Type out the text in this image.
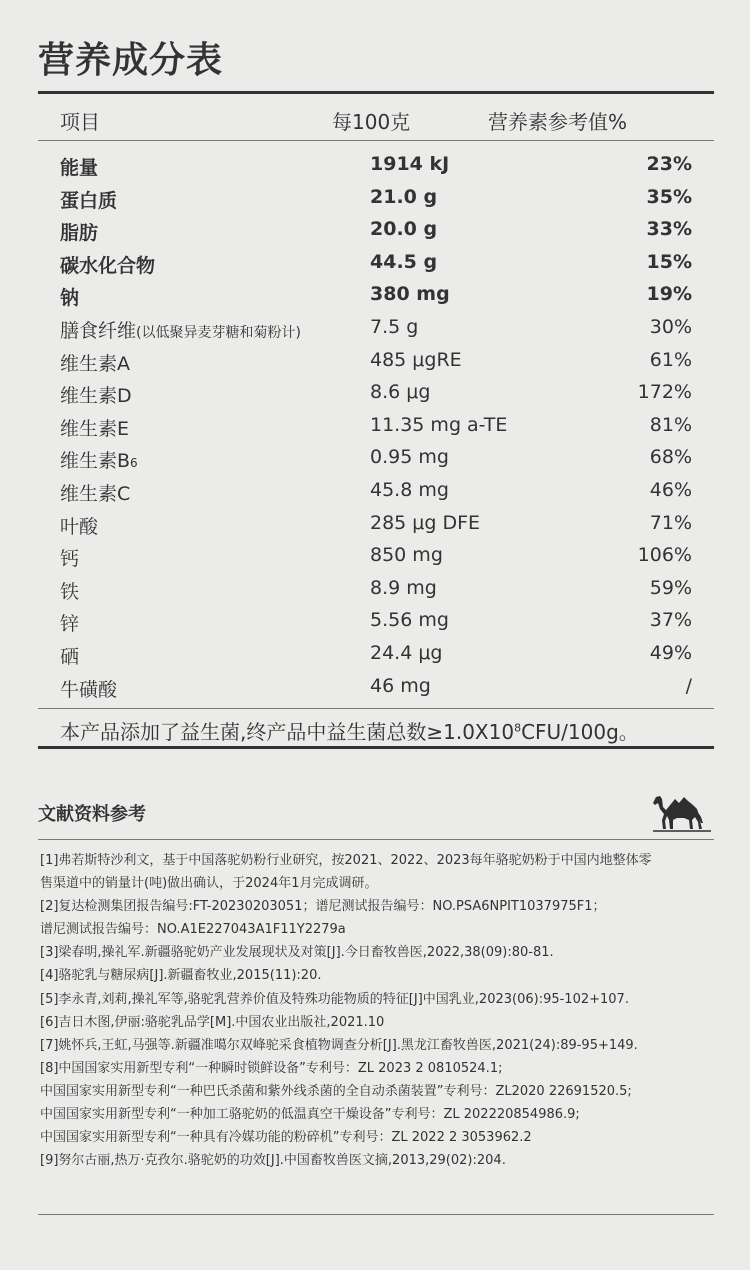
营养成分表
项目	每100克	营养素参考值%
能量	1914 kJ	23%
蛋白质	21.0 g	35%
脂肪	20.0 g	33%
碳水化合物	44.5 g	15%
钠	380 mg	19%
膳食纤维(以低聚异麦芽糖和菊粉计)	7.5 g	30%
维生素A	485 μgRE	61%
维生素D	8.6 μg	172%
维生素E	11.35 mg a-TE	81%
维生素B6	0.95 mg	68%
维生素C	45.8 mg	46%
叶酸	285 μg DFE	71%
钙	850 mg	106%
铁	8.9 mg	59%
锌	5.56 mg	37%
硒	24.4 μg	49%
牛磺酸	46 mg	/
本产品添加了益生菌,终产品中益生菌总数$\ge 1.0X10^8CFU/100g$。
文献资料参考
[1]弗若斯特沙利文，基于中国落驼奶粉行业研究，按2021、2022、2023每年骆驼奶粉于中国内地整体零
售渠道中的销量计(吨)做出确认，于2024年1月完成调研。
[2]复达检测集团报告编号:FT-20230203051；谱尼测试报告编号：NO.PSA6NPIT1037975F1；
谱尼测试报告编号：NO.A1E227043A1F11Y2279a
[3]梁春明,操礼军.新疆骆驼奶产业发展现状及对策[J].今日畜牧兽医,2022,38(09):80-81.
[4]骆驼乳与糖尿病[J].新疆畜牧业,2015(11):20.
[5]李永青,刘莉,操礼军等,骆驼乳营养价值及特殊功能物质的特征[J]中国乳业,2023(06):95-102+107.
[6]吉日木图,伊丽:骆驼乳品学[M].中国农业出版社,2021.10
[7]姚怀兵,王虹,马强等.新疆准噶尔双峰驼采食植物调查分析[J].黑龙江畜牧兽医,2021(24):89-95+149.
[8]中国国家实用新型专利“一种瞬时锁鲜设备”专利号：ZL 2023 2 0810524.1;
中国国家实用新型专利“一种巴氏杀菌和紫外线杀菌的全自动杀菌装置”专利号：ZL2020 22691520.5;
中国国家实用新型专利“一种加工骆驼奶的低温真空干燥设备”专利号：ZL 202220854986.9;
中国国家实用新型专利“一种具有冷媒功能的粉碎机”专利号：ZL 2022 2 3053962.2
[9]努尔古丽,热万·克孜尔.骆驼奶的功效[J].中国畜牧兽医文摘,2013,29(02):204.
